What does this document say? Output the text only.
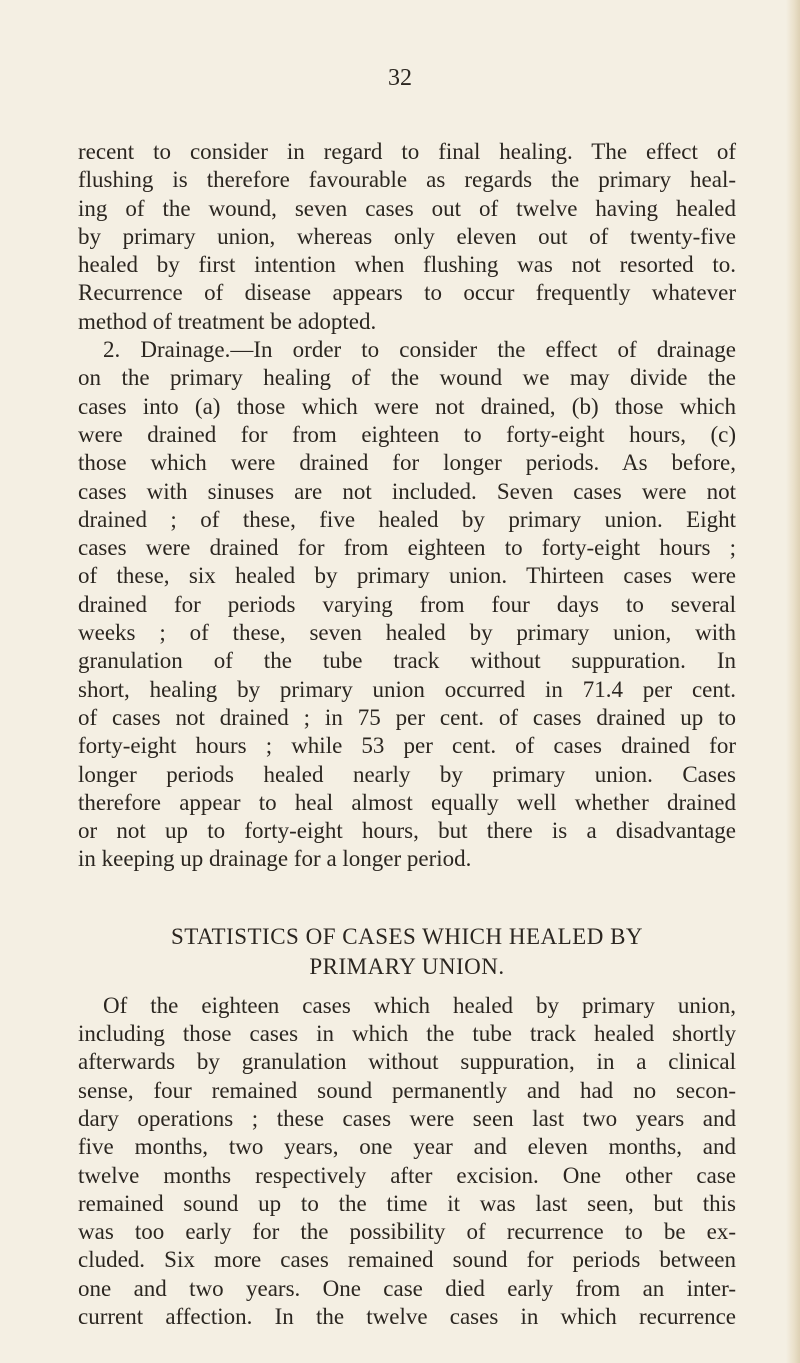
32
recent to consider in regard to final healing. The effect of
flushing is therefore favourable as regards the primary heal-
ing of the wound, seven cases out of twelve having healed
by primary union, whereas only eleven out of twenty-five
healed by first intention when flushing was not resorted to.
Recurrence of disease appears to occur frequently whatever
method of treatment be adopted.
2. Drainage.—In order to consider the effect of drainage
on the primary healing of the wound we may divide the
cases into (a) those which were not drained, (b) those which
were drained for from eighteen to forty-eight hours, (c)
those which were drained for longer periods. As before,
cases with sinuses are not included. Seven cases were not
drained ; of these, five healed by primary union. Eight
cases were drained for from eighteen to forty-eight hours ;
of these, six healed by primary union. Thirteen cases were
drained for periods varying from four days to several
weeks ; of these, seven healed by primary union, with
granulation of the tube track without suppuration. In
short, healing by primary union occurred in 71.4 per cent.
of cases not drained ; in 75 per cent. of cases drained up to
forty-eight hours ; while 53 per cent. of cases drained for
longer periods healed nearly by primary union. Cases
therefore appear to heal almost equally well whether drained
or not up to forty-eight hours, but there is a disadvantage
in keeping up drainage for a longer period.
STATISTICS OF CASES WHICH HEALED BY
PRIMARY UNION.
Of the eighteen cases which healed by primary union,
including those cases in which the tube track healed shortly
afterwards by granulation without suppuration, in a clinical
sense, four remained sound permanently and had no secon-
dary operations ; these cases were seen last two years and
five months, two years, one year and eleven months, and
twelve months respectively after excision. One other case
remained sound up to the time it was last seen, but this
was too early for the possibility of recurrence to be ex-
cluded. Six more cases remained sound for periods between
one and two years. One case died early from an inter-
current affection. In the twelve cases in which recurrence
